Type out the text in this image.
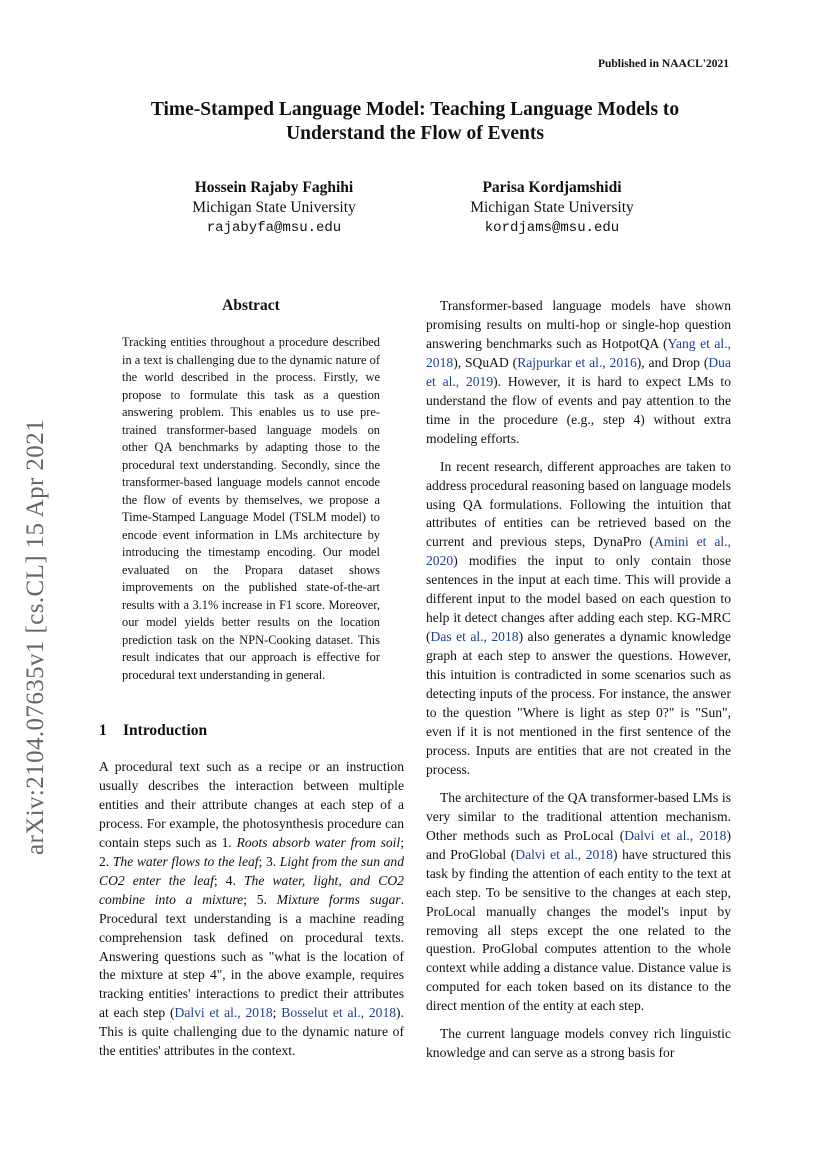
Published in NAACL'2021
Time-Stamped Language Model: Teaching Language Models to
Understand the Flow of Events
Hossein Rajaby Faghihi
Michigan State University
rajabyfa@msu.edu
Parisa Kordjamshidi
Michigan State University
kordjams@msu.edu
arXiv:2104.07635v1 [cs.CL] 15 Apr 2021
Abstract
Tracking entities throughout a procedure described in a text is challenging due to the dynamic nature of the world described in the process. Firstly, we propose to formulate this task as a question answering problem. This enables us to use pre-trained transformer-based language models on other QA benchmarks by adapting those to the procedural text understanding. Secondly, since the transformer-based language models cannot encode the flow of events by themselves, we propose a Time-Stamped Language Model (TSLM model) to encode event information in LMs architecture by introducing the timestamp encoding. Our model evaluated on the Propara dataset shows improvements on the published state-of-the-art results with a 3.1% increase in F1 score. Moreover, our model yields better results on the location prediction task on the NPN-Cooking dataset. This result indicates that our approach is effective for procedural text understanding in general.
1 Introduction

A procedural text such as a recipe or an instruction usually describes the interaction between multiple entities and their attribute changes at each step of a process. For example, the photosynthesis procedure can contain steps such as 1. Roots absorb water from soil; 2. The water flows to the leaf; 3. Light from the sun and CO2 enter the leaf; 4. The water, light, and CO2 combine into a mixture; 5. Mixture forms sugar. Procedural text understanding is a machine reading comprehension task defined on procedural texts. Answering questions such as "what is the location of the mixture at step 4", in the above example, requires tracking entities' interactions to predict their attributes at each step (Dalvi et al., 2018; Bosselut et al., 2018). This is quite challenging due to the dynamic nature of the entities' attributes in the context.

Transformer-based language models have shown promising results on multi-hop or single-hop question answering benchmarks such as HotpotQA (Yang et al., 2018), SQuAD (Rajpurkar et al., 2016), and Drop (Dua et al., 2019). However, it is hard to expect LMs to understand the flow of events and pay attention to the time in the procedure (e.g., step 4) without extra modeling efforts.

In recent research, different approaches are taken to address procedural reasoning based on language models using QA formulations. Following the intuition that attributes of entities can be retrieved based on the current and previous steps, DynaPro (Amini et al., 2020) modifies the input to only contain those sentences in the input at each time. This will provide a different input to the model based on each question to help it detect changes after adding each step. KG-MRC (Das et al., 2018) also generates a dynamic knowledge graph at each step to answer the questions. However, this intuition is contradicted in some scenarios such as detecting inputs of the process. For instance, the answer to the question "Where is light as step 0?" is "Sun", even if it is not mentioned in the first sentence of the process. Inputs are entities that are not created in the process.

The architecture of the QA transformer-based LMs is very similar to the traditional attention mechanism. Other methods such as ProLocal (Dalvi et al., 2018) and ProGlobal (Dalvi et al., 2018) have structured this task by finding the attention of each entity to the text at each step. To be sensitive to the changes at each step, ProLocal manually changes the model's input by removing all steps except the one related to the question. ProGlobal computes attention to the whole context while adding a distance value. Distance value is computed for each token based on its distance to the direct mention of the entity at each step.

The current language models convey rich linguistic knowledge and can serve as a strong basis for
